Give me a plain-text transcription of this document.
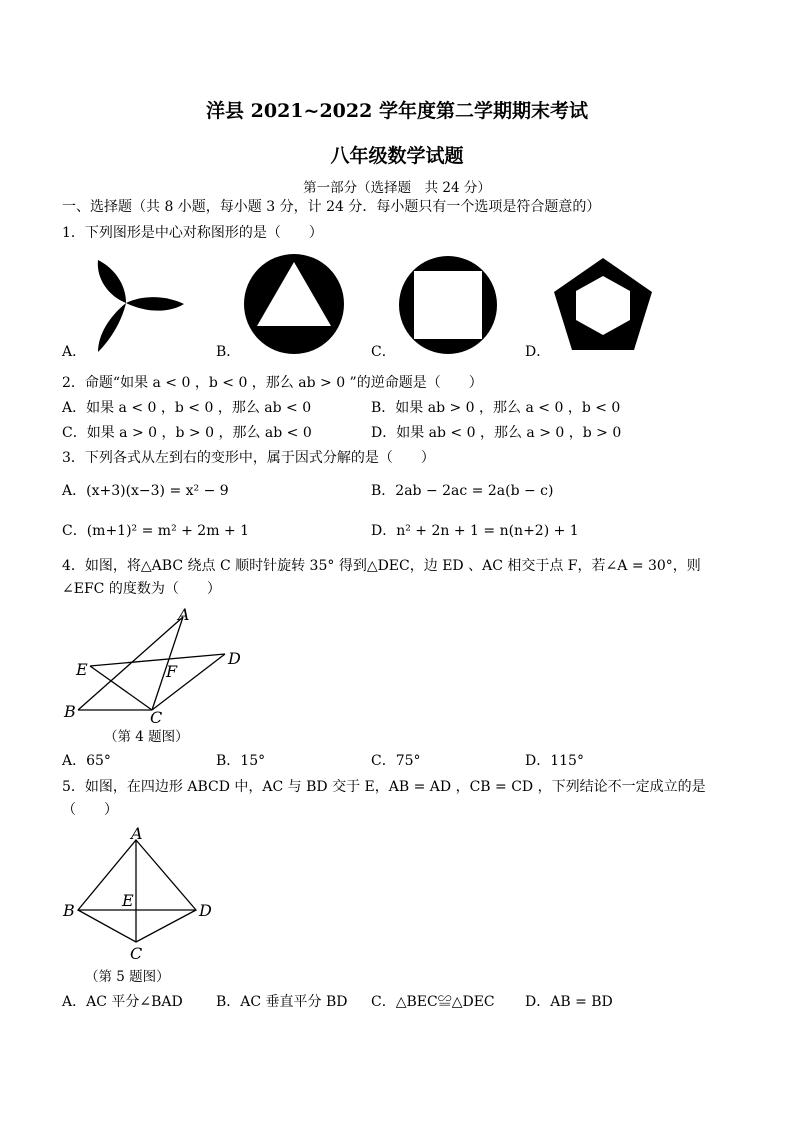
洋县 2021~2022 学年度第二学期期末考试
八年级数学试题
第一部分（选择题　共 24 分）
一、选择题（共 8 小题，每小题 3 分，计 24 分．每小题只有一个选项是符合题意的）
1．下列图形是中心对称图形的是（　　）
A．	B．	C．	D．
2．命题“如果 a < 0 ，b < 0 ，那么 ab > 0 ”的逆命题是（　　）
A．如果 a < 0 ，b < 0 ，那么 ab < 0	B．如果 ab > 0 ，那么 a < 0 ，b < 0
C．如果 a > 0 ，b > 0 ，那么 ab < 0	D．如果 ab < 0 ，那么 a > 0 ，b > 0
3．下列各式从左到右的变形中，属于因式分解的是（　　）
A．(x+3)(x−3) = x² − 9	B．2ab − 2ac = 2a(b − c)
C．(m+1)² = m² + 2m + 1	D．n² + 2n + 1 = n(n+2) + 1
4．如图，将△ABC 绕点 C 顺时针旋转 35° 得到△DEC，边 ED 、AC 相交于点 F，若∠A = 30°，则
∠EFC 的度数为（　　）
A
B	C
D
E	F
（第 4 题图）
A．65°	B．15°	C．75°	D．115°
5．如图，在四边形 ABCD 中，AC 与 BD 交于 E，AB = AD ，CB = CD ，下列结论不一定成立的是
（　　）
A
B
C
D
E
（第 5 题图）
A．AC 平分∠BAD B．AC 垂直平分 BD C．△BEC≌△DEC D．AB = BD
